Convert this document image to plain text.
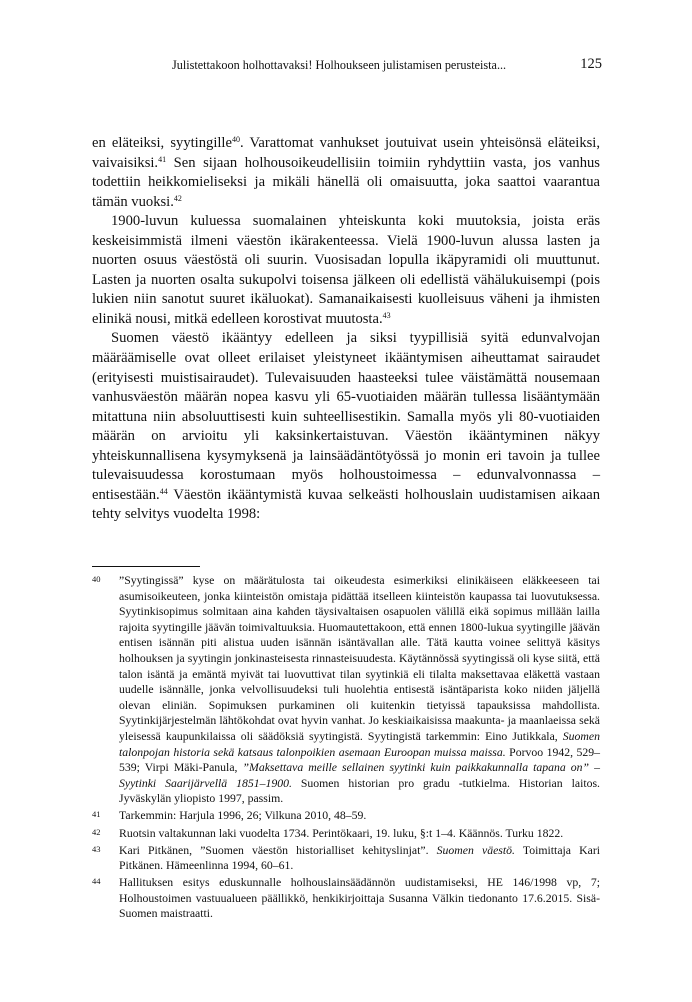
Julistettakoon holhottavaksi! Holhoukseen julistamisen perusteista...	125

en eläteiksi, syytingille$^{40}$. Varattomat vanhukset joutuivat usein yhteisönsä eläteiksi, vaivaisiksi.$^{41}$ Sen sijaan holhousoikeudellisiin toimiin ryhdyttiin vasta, jos vanhus todettiin heikkomieliseksi ja mikäli hänellä oli omaisuutta, joka saattoi vaarantua tämän vuoksi.$^{42}$

1900-luvun kuluessa suomalainen yhteiskunta koki muutoksia, joista eräs keskeisimmistä ilmeni väestön ikärakenteessa. Vielä 1900-luvun alussa lasten ja nuorten osuus väestöstä oli suurin. Vuosisadan lopulla ikäpyramidi oli muuttunut. Lasten ja nuorten osalta sukupolvi toisensa jälkeen oli edellistä vähälukuisempi (pois lukien niin sanotut suuret ikäluokat). Samanaikaisesti kuolleisuus väheni ja ihmisten elinikä nousi, mitkä edelleen korostivat muutosta.$^{43}$

Suomen väestö ikääntyy edelleen ja siksi tyypillisiä syitä edunvalvojan määräämiselle ovat olleet erilaiset yleistyneet ikääntymisen aiheuttamat sairaudet (erityisesti muistisairaudet). Tulevaisuuden haasteeksi tulee väistämättä nousemaan vanhusväestön määrän nopea kasvu yli 65-vuotiaiden määrän tullessa lisääntymään mitattuna niin absoluuttisesti kuin suhteellisestikin. Samalla myös yli 80-vuotiaiden määrän on arvioitu yli kaksinkertaistuvan. Väestön ikääntyminen näkyy yhteiskunnallisena kysymyksenä ja lainsäädäntötyössä jo monin eri tavoin ja tullee tulevaisuudessa korostumaan myös holhoustoimessa – edunvalvonnassa – entisestään.$^{44}$ Väestön ikääntymistä kuvaa selkeästi holhouslain uudistamisen aikaan tehty selvitys vuodelta 1998:

40	”Syytingissä” kyse on määrätulosta tai oikeudesta esimerkiksi elinikäiseen eläkkeeseen tai asumisoikeuteen, jonka kiinteistön omistaja pidättää itselleen kiinteistön kaupassa tai luovutuksessa. Syytinkisopimus solmitaan aina kahden täysivaltaisen osapuolen välillä eikä sopimus millään laillа rajoita syytingille jäävän toimivaltuuksia. Huomautettakoon, että ennen 1800-lukua syytingille jäävän entisen isännän piti alistua uuden isännän isäntävallan alle. Tätä kautta voinee selittyä käsitys holhouksen ja syytingin jonkinasteisesta rinnasteisuudesta. Käytännössä syytingissä oli kyse siitä, että talon isäntä ja emäntä myivät tai luovuttivat tilan syytinkiä eli tilalta maksettavaa eläkettä vastaan uudelle isännälle, jonka velvollisuudeksi tuli huolehtia entisestä isäntäparista koko niiden jäljellä olevan eliniän. Sopimuksen purkaminen oli kuitenkin tietyissä tapauksissa mahdollista. Syytinkijärjestelmän lähtökohdat ovat hyvin vanhat. Jo keskiaikaisissa maakunta- ja maanlaeissa sekä yleisessä kaupunkilaissa oli säädöksiä syytingistä. Syytingistä tarkemmin: Eino Jutikkala, Suomen talonpojan historia sekä katsaus talonpoikien asemaan Euroopan muissa maissa. Porvoo 1942, 529–539; Virpi Mäki-Panula, ”Maksettava meille sellainen syytinki kuin paikkakunnalla tapana on” – Syytinki Saarijärvellä 1851–1900. Suomen historian pro gradu -tutkielma. Historian laitos. Jyväskylän yliopisto 1997, passim.
41	Tarkemmin: Harjula 1996, 26; Vilkuna 2010, 48–59.
42	Ruotsin valtakunnan laki vuodelta 1734. Perintökaari, 19. luku, §:t 1–4. Käännös. Turku 1822.
43	Kari Pitkänen, ”Suomen väestön historialliset kehityslinjat”. Suomen väestö. Toimittaja Kari Pitkänen. Hämeenlinna 1994, 60–61.
44	Hallituksen esitys eduskunnalle holhouslainsäädännön uudistamiseksi, HE 146/1998 vp, 7; Holhoustoimen vastuualueen päällikkö, henkikirjoittaja Susanna Välkin tiedonanto 17.6.2015. Sisä-Suomen maistraatti.
